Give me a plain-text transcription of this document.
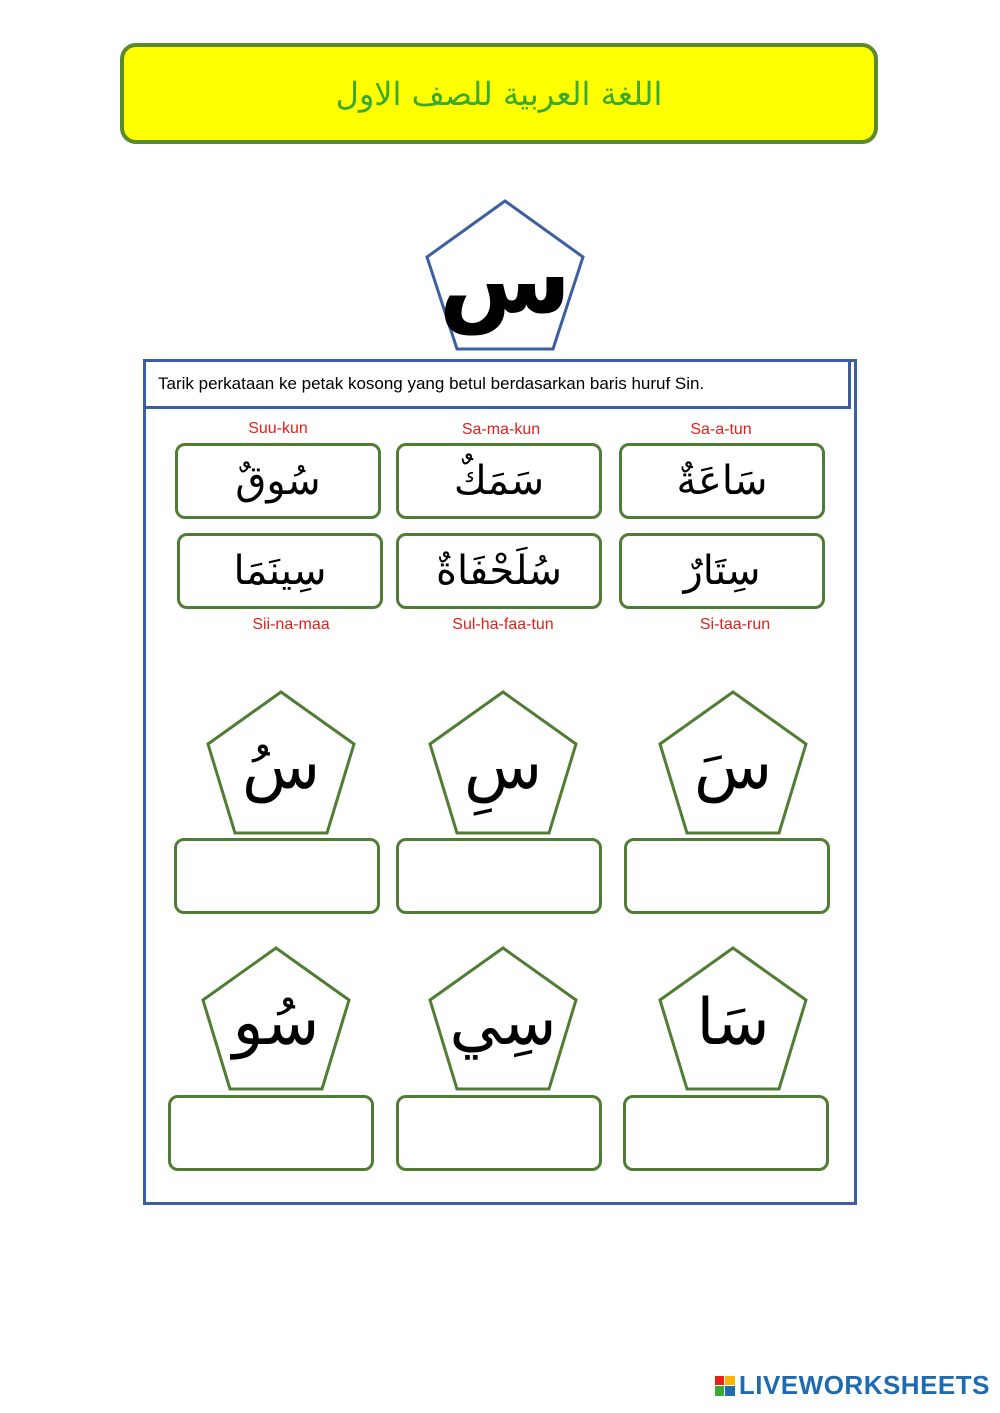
اللغة العربية للصف الاول
س
Tarik perkataan ke petak kosong yang betul berdasarkan baris huruf Sin.
Suu-kun
سُوقٌ
Sa-ma-kun
سَمَكٌ
Sa-a-tun
سَاعَةٌ
سِينَمَا
Sii-na-maa
سُلَحْفَاةٌ
Sul-ha-faa-tun
سِتَارٌ
Si-taa-run
سُ	سِ	سَ
سُو	سِي	سَا
LIVEWORKSHEETS
